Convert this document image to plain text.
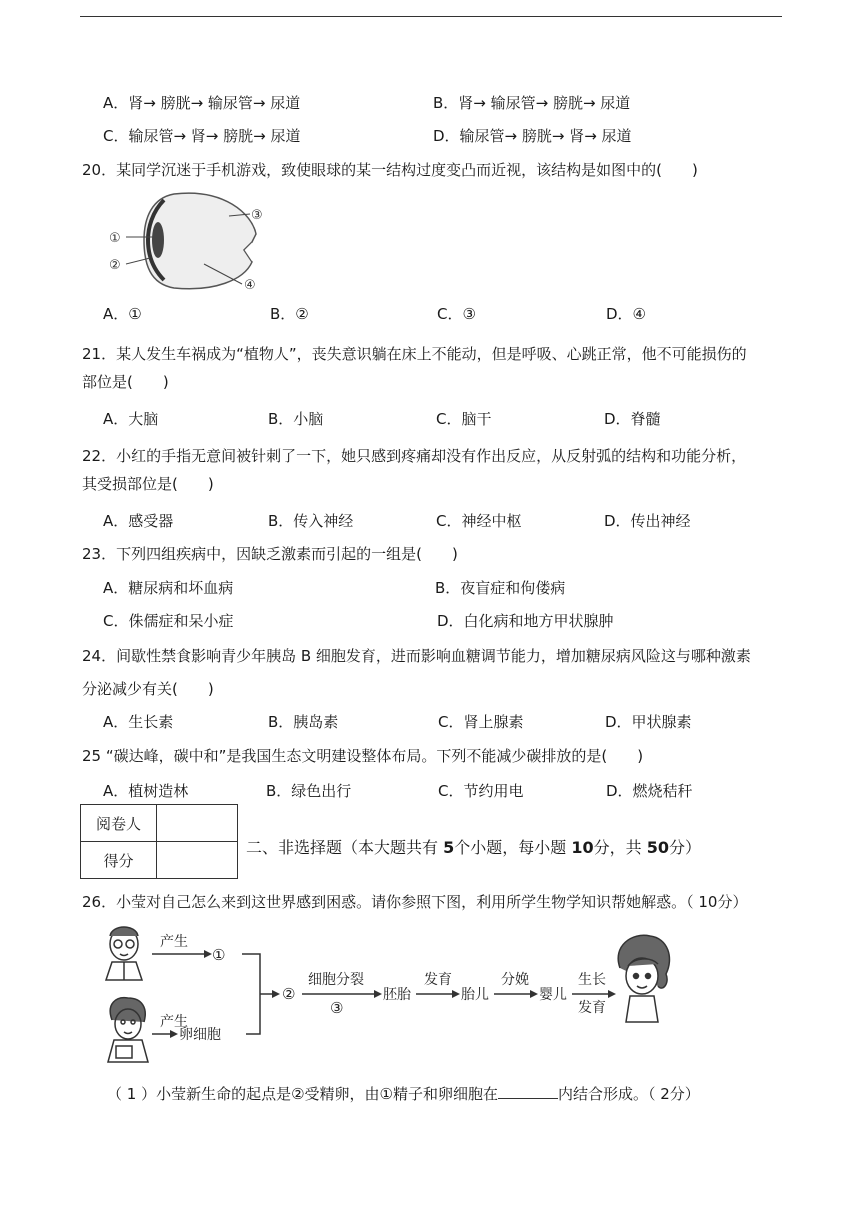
A．肾→ 膀胱→ 输尿管→ 尿道	B．肾→ 输尿管→ 膀胱→ 尿道
C．输尿管→ 肾→ 膀胱→ 尿道	D．输尿管→ 膀胱→ 肾→ 尿道
20．某同学沉迷于手机游戏，致使眼球的某一结构过度变凸而近视，该结构是如图中的(　　)
①
②
③
④
A．①	B．②	C．③	D．④
21．某人发生车祸成为“植物人”，丧失意识躺在床上不能动，但是呼吸、心跳正常，他不可能损伤的
部位是(　　)
A．大脑	B．小脑	C．脑干	D．脊髓
22．小红的手指无意间被针刺了一下，她只感到疼痛却没有作出反应，从反射弧的结构和功能分析，
其受损部位是(　　)
A．感受器	B．传入神经	C．神经中枢	D．传出神经
23．下列四组疾病中，因缺乏激素而引起的一组是(　　)
A．糖尿病和坏血病	B．夜盲症和佝偻病
C．侏儒症和呆小症	D．白化病和地方甲状腺肿
24．间歇性禁食影响青少年胰岛 B 细胞发育，进而影响血糖调节能力，增加糖尿病风险这与哪种激素
分泌减少有关(　　)
A．生长素	B．胰岛素	C．肾上腺素	D．甲状腺素
25 “碳达峰，碳中和”是我国生态文明建设整体布局。下列不能减少碳排放的是(　　)
A．植树造林	B．绿色出行	C．节约用电	D．燃烧秸秆
阅卷人	
得分	
二、非选择题（本大题共有 5个小题，每小题 10分，共 50分）
26．小莹对自己怎么来到这世界感到困惑。请你参照下图，利用所学生物学知识帮她解惑。（ 10分）
产生
①
产生
卵细胞
②
细胞分裂
③
胚胎
发育
胎儿
分娩
婴儿
生长
发育
（ 1 ）小莹新生命的起点是②受精卵，由①精子和卵细胞在	内结合形成。（ 2分）
